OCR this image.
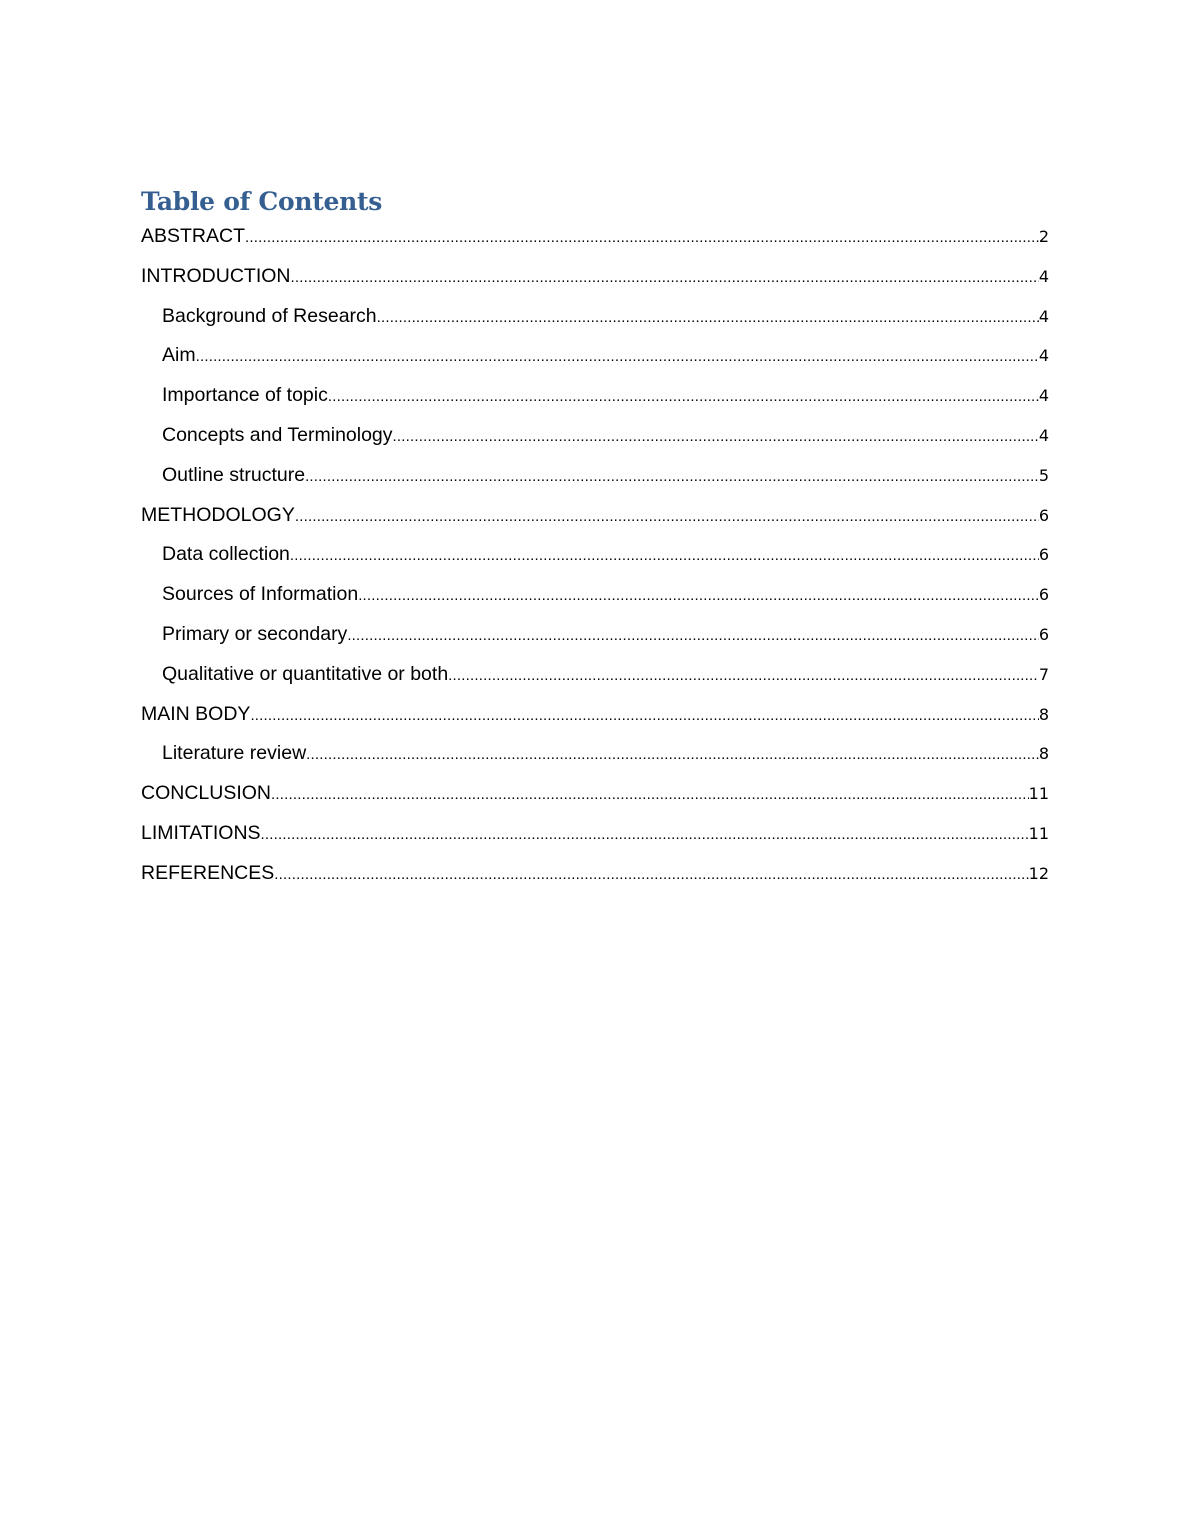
Table of Contents
ABSTRACT .....	2
INTRODUCTION .....	4
Background of Research .....	4
Aim .....	4
Importance of topic .....	4
Concepts and Terminology .....	4
Outline structure .....	5
METHODOLOGY .....	6
Data collection .....	6
Sources of Information .....	6
Primary or secondary .....	6
Qualitative or quantitative or both .....	7
MAIN BODY .....	8
Literature review .....	8
CONCLUSION .....	11
LIMITATIONS .....	11
REFERENCES .....	12
